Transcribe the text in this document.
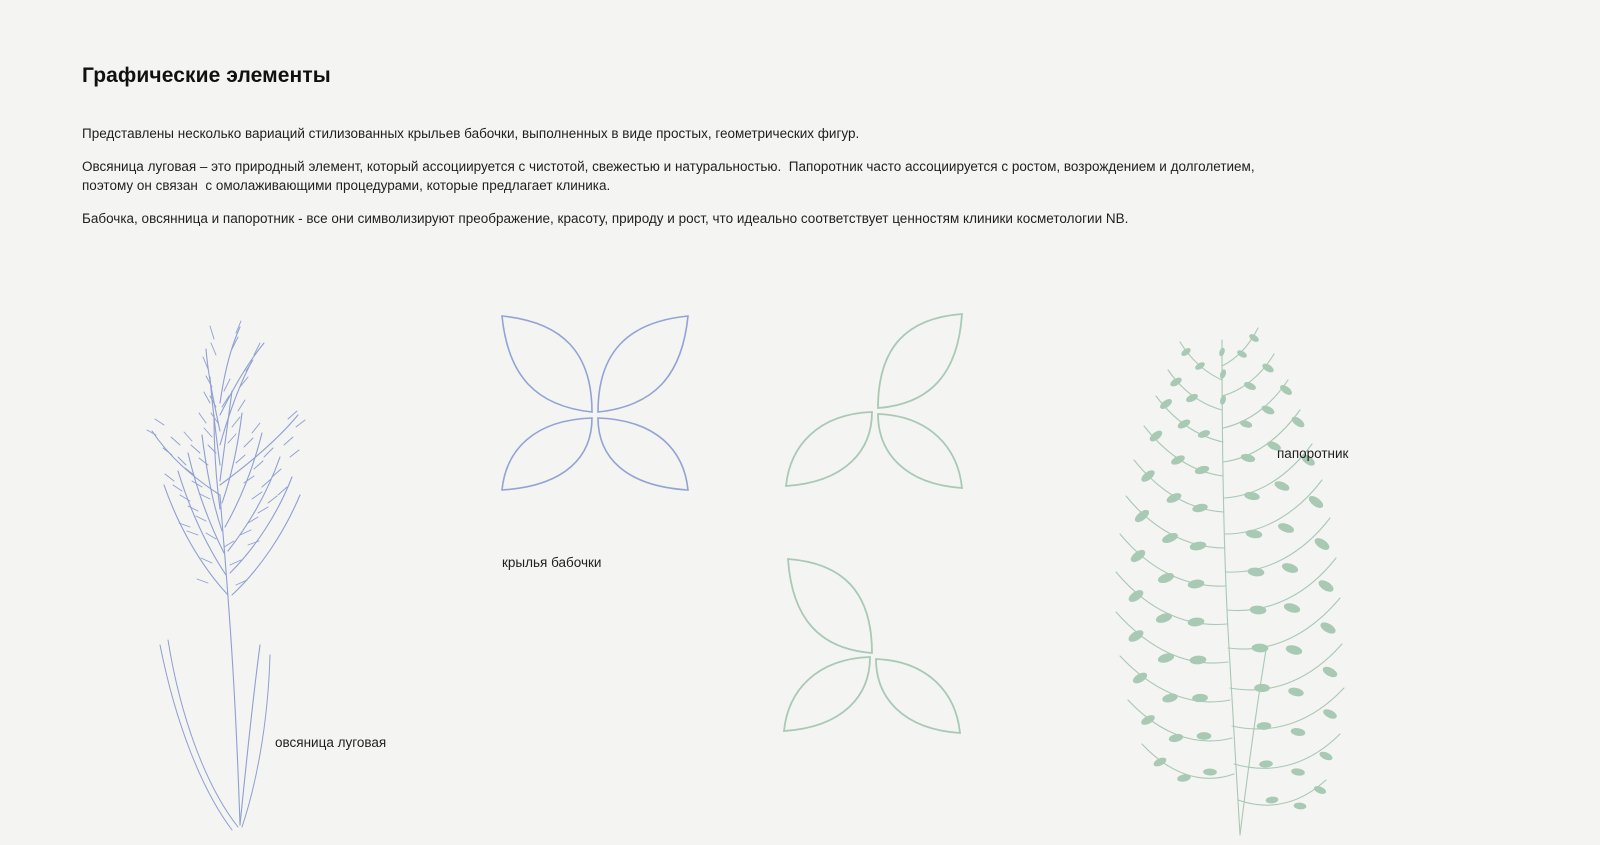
Графические элементы

Представлены несколько вариаций стилизованных крыльев бабочки, выполненных в виде простых, геометрических фигур.

Овсяница луговая – это природный элемент, который ассоциируется с чистотой, свежестью и натуральностью.  Папоротник часто ассоциируется с ростом, возрождением и долголетием, поэтому он связан  с омолаживающими процедурами, которые предлагает клиника.

Бабочка, овсянница и папоротник - все они символизируют преображение, красоту, природу и рост, что идеально соответствует ценностям клиники косметологии NB.

овсяница луговая
крылья бабочки
папоротник
